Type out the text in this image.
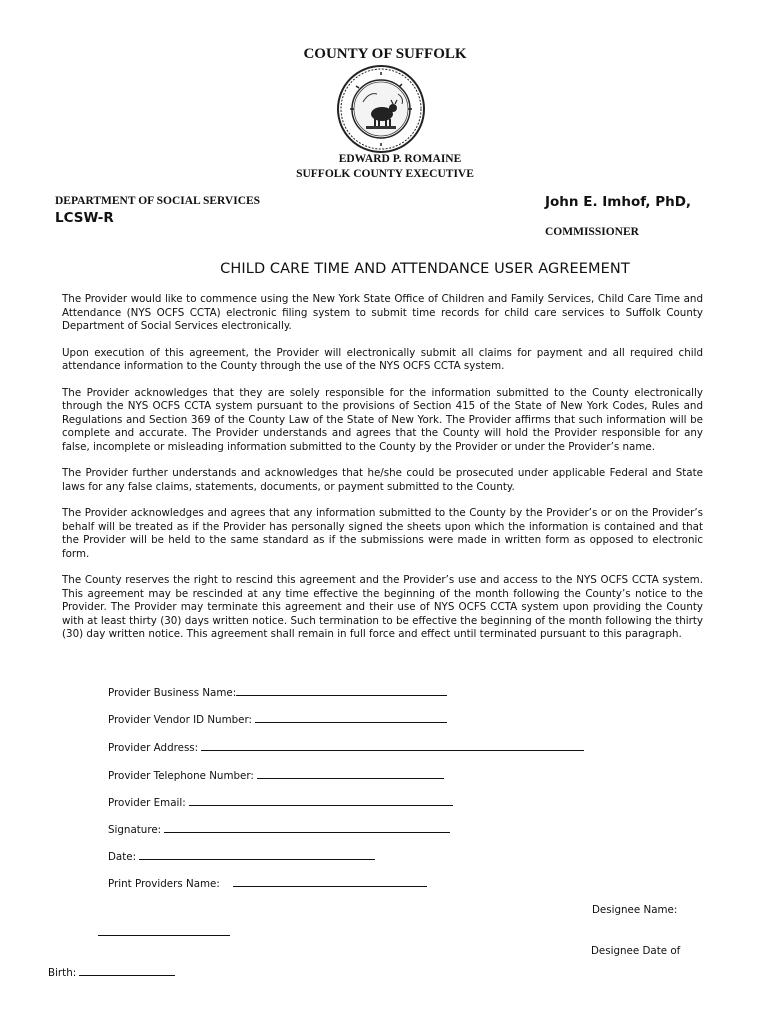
COUNTY OF SUFFOLK
EDWARD P. ROMAINE
SUFFOLK COUNTY EXECUTIVE
DEPARTMENT OF SOCIAL SERVICES
LCSW-R
John E. Imhof, PhD,
COMMISSIONER
CHILD CARE TIME AND ATTENDANCE USER AGREEMENT

The Provider would like to commence using the New York State Office of Children and Family Services, Child Care Time and Attendance (NYS OCFS CCTA) electronic filing system to submit time records for child care services to Suffolk County Department of Social Services electronically.

Upon execution of this agreement, the Provider will electronically submit all claims for payment and all required child attendance information to the County through the use of the NYS OCFS CCTA system.

The Provider acknowledges that they are solely responsible for the information submitted to the County electronically through the NYS OCFS CCTA system pursuant to the provisions of Section 415 of the State of New York Codes, Rules and Regulations and Section 369 of the County Law of the State of New York. The Provider affirms that such information will be complete and accurate. The Provider understands and agrees that the County will hold the Provider responsible for any false, incomplete or misleading information submitted to the County by the Provider or under the Provider’s name.

The Provider further understands and acknowledges that he/she could be prosecuted under applicable Federal and State laws for any false claims, statements, documents, or payment submitted to the County.

The Provider acknowledges and agrees that any information submitted to the County by the Provider’s or on the Provider’s behalf will be treated as if the Provider has personally signed the sheets upon which the information is contained and that the Provider will be held to the same standard as if the submissions were made in written form as opposed to electronic form.

The County reserves the right to rescind this agreement and the Provider’s use and access to the NYS OCFS CCTA system. This agreement may be rescinded at any time effective the beginning of the month following the County’s notice to the Provider. The Provider may terminate this agreement and their use of NYS OCFS CCTA system upon providing the County with at least thirty (30) days written notice. Such termination to be effective the beginning of the month following the thirty (30) day written notice. This agreement shall remain in full force and effect until terminated pursuant to this paragraph.

Provider Business Name:
Provider Vendor ID Number:
Provider Address:
Provider Telephone Number:
Provider Email:
Signature:
Date:
Print Providers Name:
Designee Name:
Designee Date of
Birth:
